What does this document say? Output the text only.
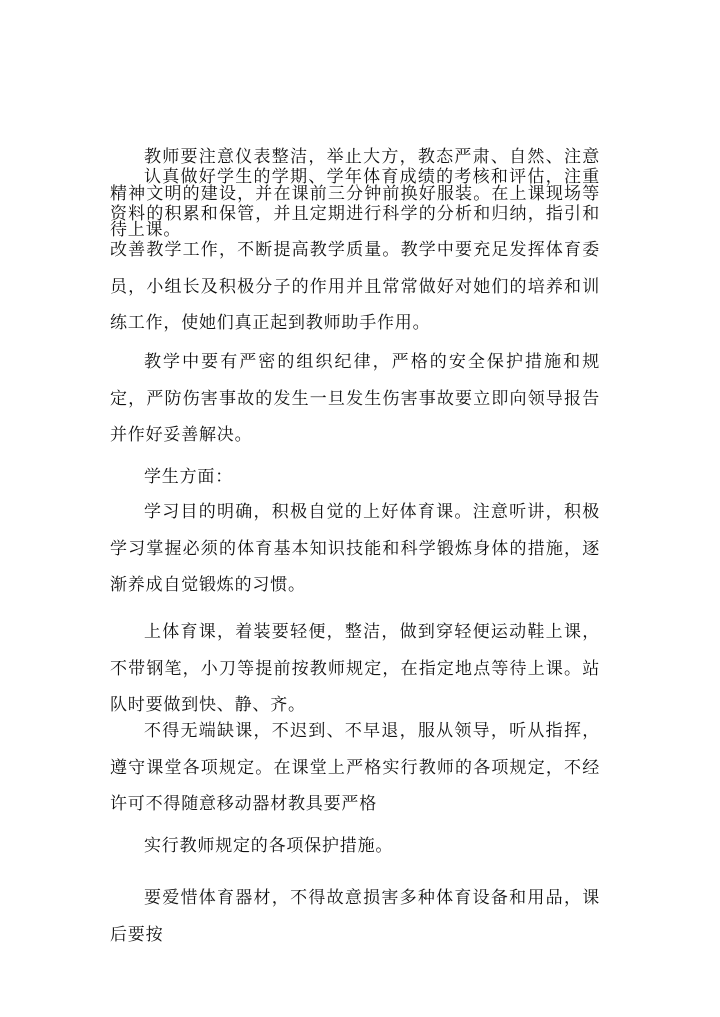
教师要注意仪表整洁，举止大方，教态严肃、自然、注意精神文明的建设，并在课前三分钟前换好服装。在上课现场等待上课。

认真做好学生的学期、学年体育成绩的考核和评估，注重资料的积累和保管，并且定期进行科学的分析和归纳，指引和改善教学工作，不断提高教学质量。教学中要充足发挥体育委员，小组长及积极分子的作用并且常常做好对她们的培养和训练工作，使她们真正起到教师助手作用。

教学中要有严密的组织纪律，严格的安全保护措施和规定，严防伤害事故的发生一旦发生伤害事故要立即向领导报告并作好妥善解决。

学生方面：

学习目的明确，积极自觉的上好体育课。注意听讲，积极学习掌握必须的体育基本知识技能和科学锻炼身体的措施，逐渐养成自觉锻炼的习惯。

上体育课，着装要轻便，整洁，做到穿轻便运动鞋上课，不带钢笔，小刀等提前按教师规定，在指定地点等待上课。站队时要做到快、静、齐。

不得无端缺课，不迟到、不早退，服从领导，听从指挥，遵守课堂各项规定。在课堂上严格实行教师的各项规定，不经许可不得随意移动器材教具要严格

实行教师规定的各项保护措施。

要爱惜体育器材，不得故意损害多种体育设备和用品，课后要按
